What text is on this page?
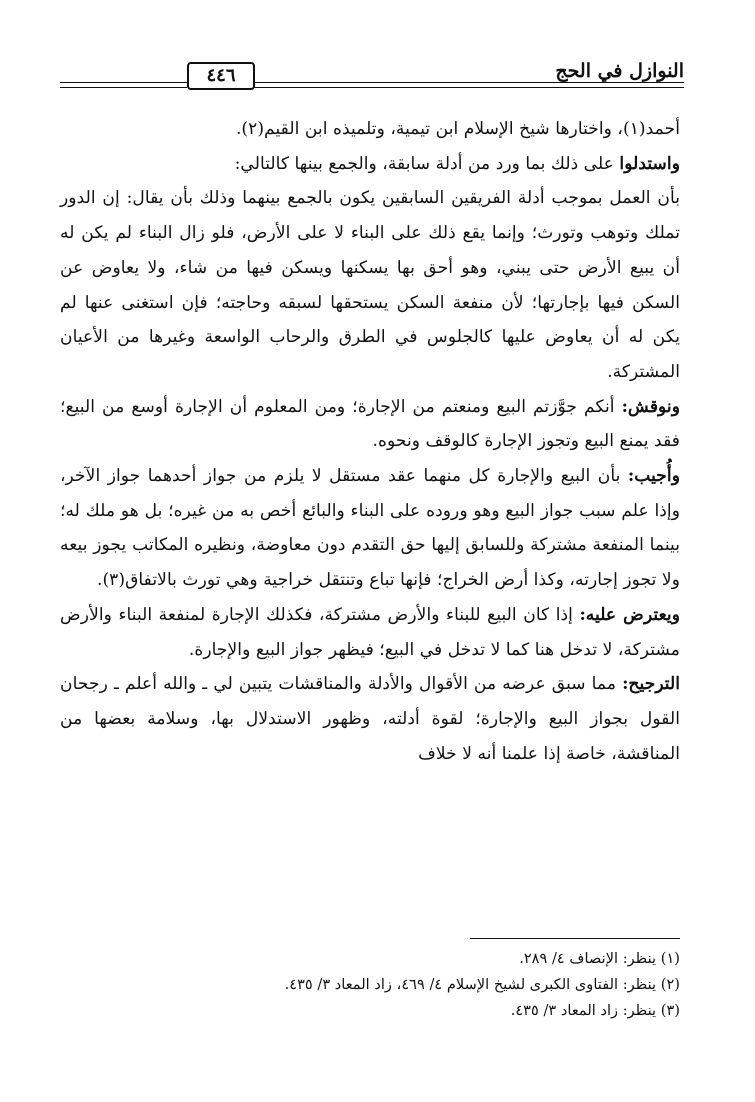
النوازل في الحج
٤٤٦

أحمد(١)، واختارها شيخ الإسلام ابن تيمية، وتلميذه ابن القيم(٢).

واستدلوا على ذلك بما ورد من أدلة سابقة، والجمع بينها كالتالي:

بأن العمل بموجب أدلة الفريقين السابقين يكون بالجمع بينهما وذلك بأن يقال: إن الدور تملك وتوهب وتورث؛ وإنما يقع ذلك على البناء لا على الأرض، فلو زال البناء لم يكن له أن يبيع الأرض حتى يبني، وهو أحق بها يسكنها ويسكن فيها من شاء، ولا يعاوض عن السكن فيها بإجارتها؛ لأن منفعة السكن يستحقها لسبقه وحاجته؛ فإن استغنى عنها لم يكن له أن يعاوض عليها كالجلوس في الطرق والرحاب الواسعة وغيرها من الأعيان المشتركة.

ونوقش: أنكم جوَّزتم البيع ومنعتم من الإجارة؛ ومن المعلوم أن الإجارة أوسع من البيع؛ فقد يمنع البيع وتجوز الإجارة كالوقف ونحوه.

وأُجيب: بأن البيع والإجارة كل منهما عقد مستقل لا يلزم من جواز أحدهما جواز الآخر، وإذا علم سبب جواز البيع وهو وروده على البناء والبائع أخص به من غيره؛ بل هو ملك له؛ بينما المنفعة مشتركة وللسابق إليها حق التقدم دون معاوضة، ونظيره المكاتب يجوز بيعه ولا تجوز إجارته، وكذا أرض الخراج؛ فإنها تباع وتنتقل خراجية وهي تورث بالاتفاق(٣).

ويعترض عليه: إذا كان البيع للبناء والأرض مشتركة، فكذلك الإجارة لمنفعة البناء والأرض مشتركة، لا تدخل هنا كما لا تدخل في البيع؛ فيظهر جواز البيع والإجارة.

الترجيح: مما سبق عرضه من الأقوال والأدلة والمناقشات يتبين لي ـ والله أعلم ـ رجحان القول بجواز البيع والإجارة؛ لقوة أدلته، وظهور الاستدلال بها، وسلامة بعضها من المناقشة، خاصة إذا علمنا أنه لا خلاف

(١) ينظر: الإنصاف ٤/ ٢٨٩.
(٢) ينظر: الفتاوى الكبرى لشيخ الإسلام ٤/ ٤٦٩، زاد المعاد ٣/ ٤٣٥.
(٣) ينظر: زاد المعاد ٣/ ٤٣٥.
